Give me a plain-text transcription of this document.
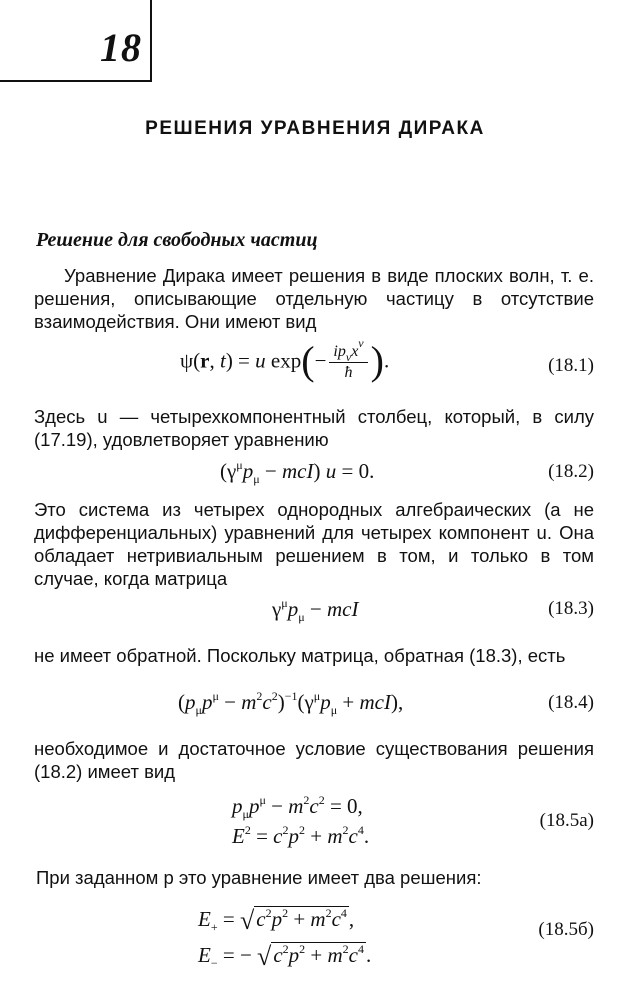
18
РЕШЕНИЯ УРАВНЕНИЯ ДИРАКА
Решение для свободных частиц
Уравнение Дирака имеет решения в виде плоских волн, т. е. решения, описывающие отдельную частицу в отсутствие взаимодействия. Они имеют вид
ψ(r, t) = u $\exp(- \frac{ip_\nu x^\nu}{ħ}$ ).	(18.1)
Здесь u — четырехкомпонентный столбец, который, в силу (17.19), удовлетворяет уравнению
$(\gamma^\mu p_\mu - mcI) u = 0$.	(18.2)
Это система из четырех однородных алгебраических (а не дифференциальных) уравнений для четырех компонент u. Она обладает нетривиальным решением в том, и только в том случае, когда матрица
$\gamma^\mu p_\mu$ − mcI	(18.3)
не имеет обратной. Поскольку матрица, обратная (18.3), есть
$(p_\mu p^\mu - m^2c^2)^{-1}(\gamma^\mu p_\mu + mcI)$,	(18.4)
необходимое и достаточное условие существования решения (18.2) имеет вид
$p_\mu p^\mu - m^2c^2 = 0$,
$E^2 = c^2p^2 + m^2c^4$.
(18.5а)
При заданном p это уравнение имеет два решения:
$E_+ = √c^2p^2 + m^2c^4$,
$E_-$ = − $√c^2p^2 + m^2c^4$.
(18.5б)
